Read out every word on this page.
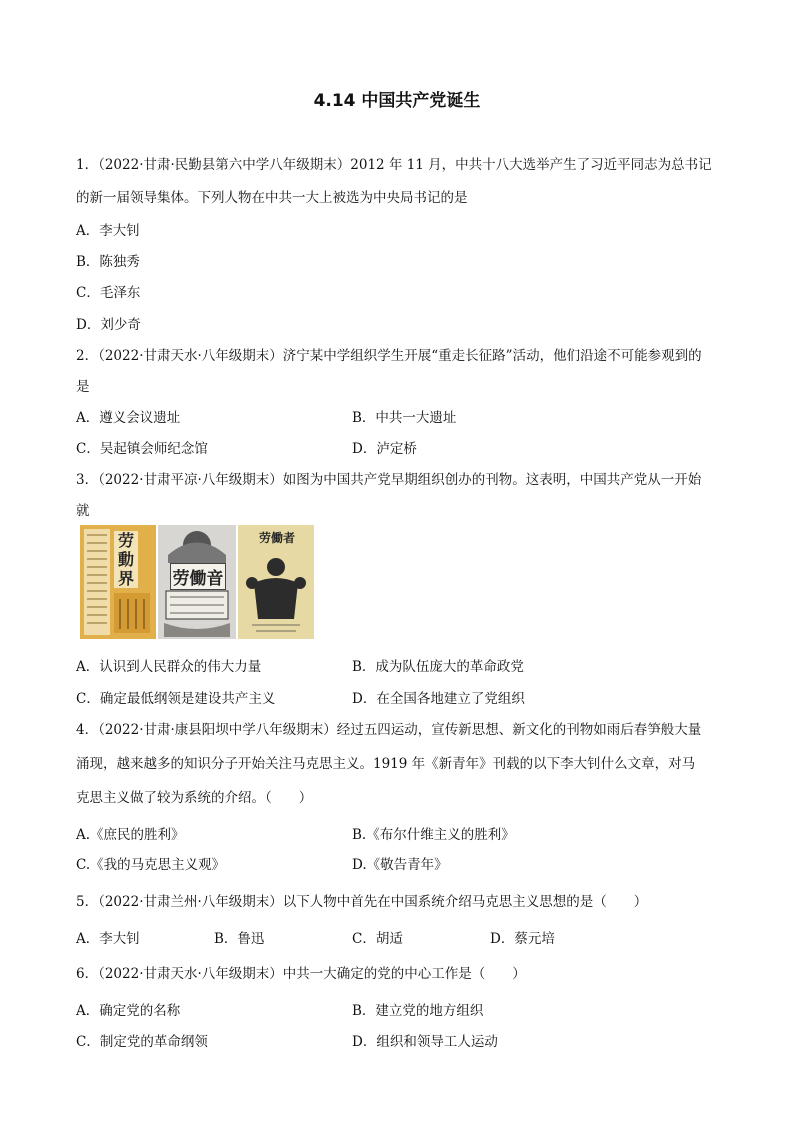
4.14 中国共产党诞生
1．（2022·甘肃·民勤县第六中学八年级期末）2012 年 11 月，中共十八大选举产生了习近平同志为总书记
的新一届领导集体。下列人物在中共一大上被选为中央局书记的是
A．李大钊
B．陈独秀
C．毛泽东
D．刘少奇
2．（2022·甘肃天水·八年级期末）济宁某中学组织学生开展“重走长征路”活动，他们沿途不可能参观到的
是
A．遵义会议遗址	B．中共一大遗址
C．吴起镇会师纪念馆	D．泸定桥
3．（2022·甘肃平凉·八年级期末）如图为中国共产党早期组织创办的刊物。这表明，中国共产党从一开始
就
劳動界 劳働音
劳働者
A．认识到人民群众的伟大力量	B．成为队伍庞大的革命政党
C．确定最低纲领是建设共产主义	D．在全国各地建立了党组织
4．（2022·甘肃·康县阳坝中学八年级期末）经过五四运动，宣传新思想、新文化的刊物如雨后春笋般大量
涌现，越来越多的知识分子开始关注马克思主义。1919 年《新青年》刊载的以下李大钊什么文章，对马
克思主义做了较为系统的介绍。（　　）
A.《庶民的胜利》	B.《布尔什维主义的胜利》
C.《我的马克思主义观》	D.《敬告青年》
5．（2022·甘肃兰州·八年级期末）以下人物中首先在中国系统介绍马克思主义思想的是（　　）
A．李大钊	B．鲁迅	C．胡适	D．蔡元培
6．（2022·甘肃天水·八年级期末）中共一大确定的党的中心工作是（　　）
A．确定党的名称	B．建立党的地方组织
C．制定党的革命纲领	D．组织和领导工人运动
